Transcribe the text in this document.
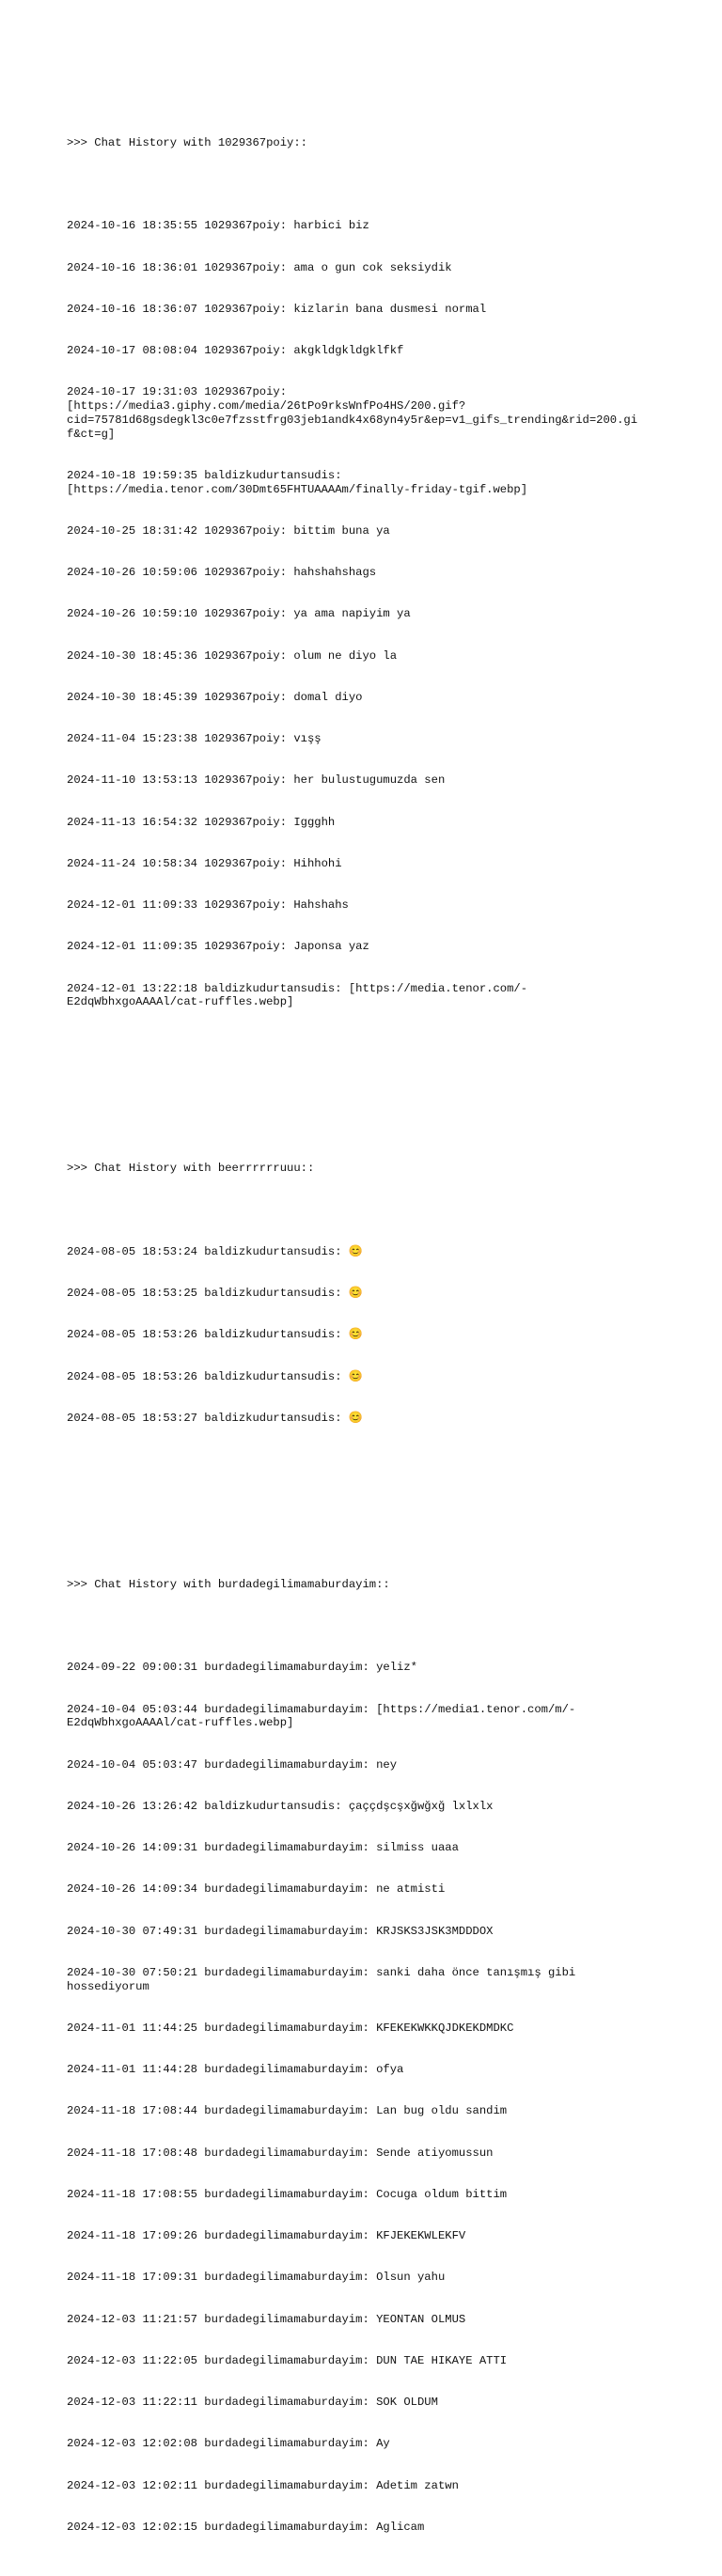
>>> Chat History with 1029367poiy::

2024-10-16 18:35:55 1029367poiy: harbici biz

2024-10-16 18:36:01 1029367poiy: ama o gun cok seksiydik

2024-10-16 18:36:07 1029367poiy: kizlarin bana dusmesi normal

2024-10-17 08:08:04 1029367poiy: akgkldgkldgklfkf

2024-10-17 19:31:03 1029367poiy:
[https://media3.giphy.com/media/26tPo9rksWnfPo4HS/200.gif?
cid=75781d68gsdegkl3c0e7fzsstfrg03jeb1andk4x68yn4y5r&ep=v1_gifs_trending&rid=200.gi
f&ct=g]

2024-10-18 19:59:35 baldizkudurtansudis:
[https://media.tenor.com/30Dmt65FHTUAAAAm/finally-friday-tgif.webp]

2024-10-25 18:31:42 1029367poiy: bittim buna ya

2024-10-26 10:59:06 1029367poiy: hahshahshags

2024-10-26 10:59:10 1029367poiy: ya ama napiyim ya

2024-10-30 18:45:36 1029367poiy: olum ne diyo la

2024-10-30 18:45:39 1029367poiy: domal diyo

2024-11-04 15:23:38 1029367poiy: vışş

2024-11-10 13:53:13 1029367poiy: her bulustugumuzda sen

2024-11-13 16:54:32 1029367poiy: Iggghh

2024-11-24 10:58:34 1029367poiy: Hihhohi

2024-12-01 11:09:33 1029367poiy: Hahshahs

2024-12-01 11:09:35 1029367poiy: Japonsa yaz

2024-12-01 13:22:18 baldizkudurtansudis: [https://media.tenor.com/-
E2dqWbhxgoAAAAl/cat-ruffles.webp]

>>> Chat History with beerrrrrruuu::

2024-08-05 18:53:24 baldizkudurtansudis: 😊

2024-08-05 18:53:25 baldizkudurtansudis: 😊

2024-08-05 18:53:26 baldizkudurtansudis: 😊

2024-08-05 18:53:26 baldizkudurtansudis: 😊

2024-08-05 18:53:27 baldizkudurtansudis: 😊

>>> Chat History with burdadegilimamaburdayim::

2024-09-22 09:00:31 burdadegilimamaburdayim: yeliz*

2024-10-04 05:03:44 burdadegilimamaburdayim: [https://media1.tenor.com/m/-
E2dqWbhxgoAAAAl/cat-ruffles.webp]

2024-10-04 05:03:47 burdadegilimamaburdayim: ney

2024-10-26 13:26:42 baldizkudurtansudis: çaççdşcşxğwğxğ lxlxlx

2024-10-26 14:09:31 burdadegilimamaburdayim: silmiss uaaa

2024-10-26 14:09:34 burdadegilimamaburdayim: ne atmisti

2024-10-30 07:49:31 burdadegilimamaburdayim: KRJSKS3JSK3MDDDOX

2024-10-30 07:50:21 burdadegilimamaburdayim: sanki daha önce tanışmış gibi
hossediyorum

2024-11-01 11:44:25 burdadegilimamaburdayim: KFEKEKWKKQJDKEKDMDKC

2024-11-01 11:44:28 burdadegilimamaburdayim: ofya

2024-11-18 17:08:44 burdadegilimamaburdayim: Lan bug oldu sandim

2024-11-18 17:08:48 burdadegilimamaburdayim: Sende atiyomussun

2024-11-18 17:08:55 burdadegilimamaburdayim: Cocuga oldum bittim

2024-11-18 17:09:26 burdadegilimamaburdayim: KFJEKEKWLEKFV

2024-11-18 17:09:31 burdadegilimamaburdayim: Olsun yahu

2024-12-03 11:21:57 burdadegilimamaburdayim: YEONTAN OLMUS

2024-12-03 11:22:05 burdadegilimamaburdayim: DUN TAE HIKAYE ATTI

2024-12-03 11:22:11 burdadegilimamaburdayim: SOK OLDUM

2024-12-03 12:02:08 burdadegilimamaburdayim: Ay

2024-12-03 12:02:11 burdadegilimamaburdayim: Adetim zatwn

2024-12-03 12:02:15 burdadegilimamaburdayim: Aglicam
